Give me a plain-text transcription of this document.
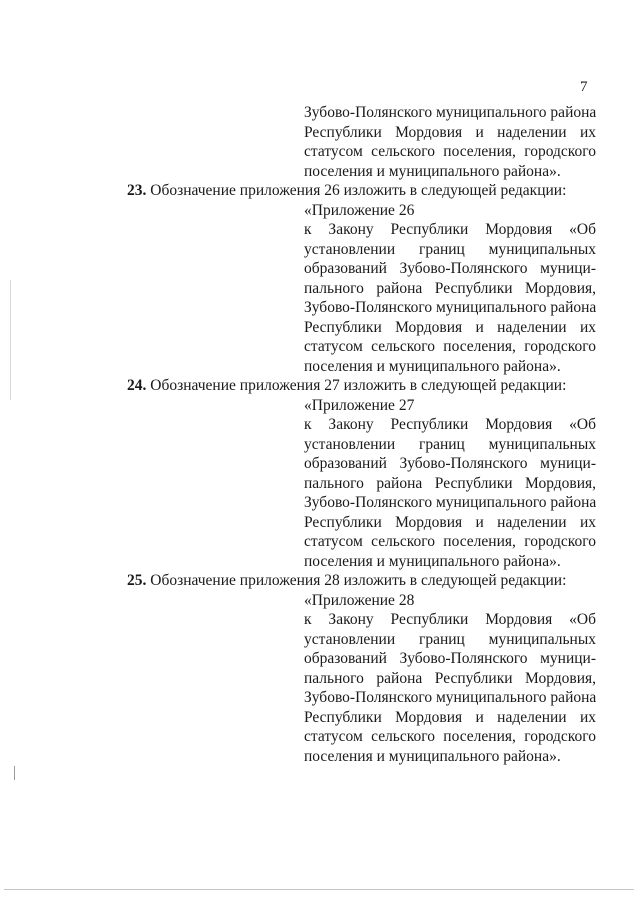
7
Зубово-Полянского муниципального района
Республики Мордовия и наделении их
статусом сельского поселения, городского
поселения и муниципального района».
23. Обозначение приложения 26 изложить в следующей редакции:
«Приложение 26
к Закону Республики Мордовия «Об
установлении границ муниципальных
образований Зубово-Полянского муници-
пального района Республики Мордовия,
Зубово-Полянского муниципального района
Республики Мордовия и наделении их
статусом сельского поселения, городского
поселения и муниципального района».
24. Обозначение приложения 27 изложить в следующей редакции:
«Приложение 27
к Закону Республики Мордовия «Об
установлении границ муниципальных
образований Зубово-Полянского муници-
пального района Республики Мордовия,
Зубово-Полянского муниципального района
Республики Мордовия и наделении их
статусом сельского поселения, городского
поселения и муниципального района».
25. Обозначение приложения 28 изложить в следующей редакции:
«Приложение 28
к Закону Республики Мордовия «Об
установлении границ муниципальных
образований Зубово-Полянского муници-
пального района Республики Мордовия,
Зубово-Полянского муниципального района
Республики Мордовия и наделении их
статусом сельского поселения, городского
поселения и муниципального района».
